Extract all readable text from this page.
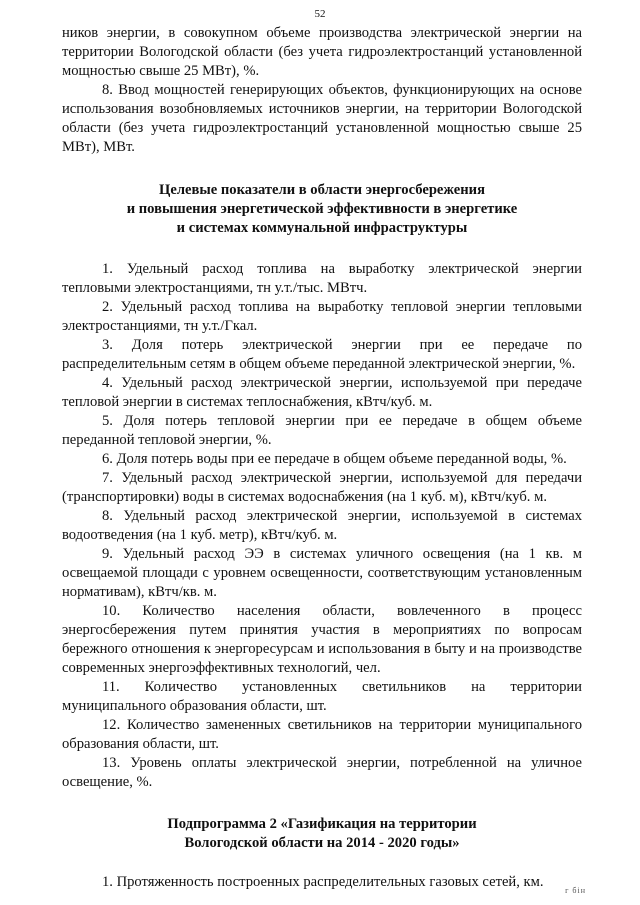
52

ников энергии, в совокупном объеме производства электрической энергии на территории Вологодской области (без учета гидроэлектростанций установленной мощностью свыше 25 МВт), %.

8. Ввод мощностей генерирующих объектов, функционирующих на основе использования возобновляемых источников энергии, на территории Вологодской области (без учета гидроэлектростанций установленной мощностью свыше 25 МВт), МВт.

Целевые показатели в области энергосбережения
и повышения энергетической эффективности в энергетике
и системах коммунальной инфраструктуры

1. Удельный расход топлива на выработку электрической энергии тепловыми электростанциями, тн у.т./тыс. МВтч.

2. Удельный расход топлива на выработку тепловой энергии тепловыми электростанциями, тн у.т./Гкал.

3. Доля потерь электрической энергии при ее передаче по распределительным сетям в общем объеме переданной электрической энергии, %.

4. Удельный расход электрической энергии, используемой при передаче тепловой энергии в системах теплоснабжения, кВтч/куб. м.

5. Доля потерь тепловой энергии при ее передаче в общем объеме переданной тепловой энергии, %.

6. Доля потерь воды при ее передаче в общем объеме переданной воды, %.

7. Удельный расход электрической энергии, используемой для передачи (транспортировки) воды в системах водоснабжения (на 1 куб. м), кВтч/куб. м.

8. Удельный расход электрической энергии, используемой в системах водоотведения (на 1 куб. метр), кВтч/куб. м.

9. Удельный расход ЭЭ в системах уличного освещения (на 1 кв. м освещаемой площади с уровнем освещенности, соответствующим установленным нормативам), кВтч/кв. м.

10. Количество населения области, вовлеченного в процесс энергосбережения путем принятия участия в мероприятиях по вопросам бережного отношения к энергоресурсам и использования в быту и на производстве современных энергоэффективных технологий, чел.

11. Количество установленных светильников на территории муниципального образования области, шт.

12. Количество замененных светильников на территории муниципального образования области, шт.

13. Уровень оплаты электрической энергии, потребленной на уличное освещение, %.

Подпрограмма 2 «Газификация на территории
Вологодской области на 2014 - 2020 годы»

1. Протяженность построенных распределительных газовых сетей, км.

г бін
